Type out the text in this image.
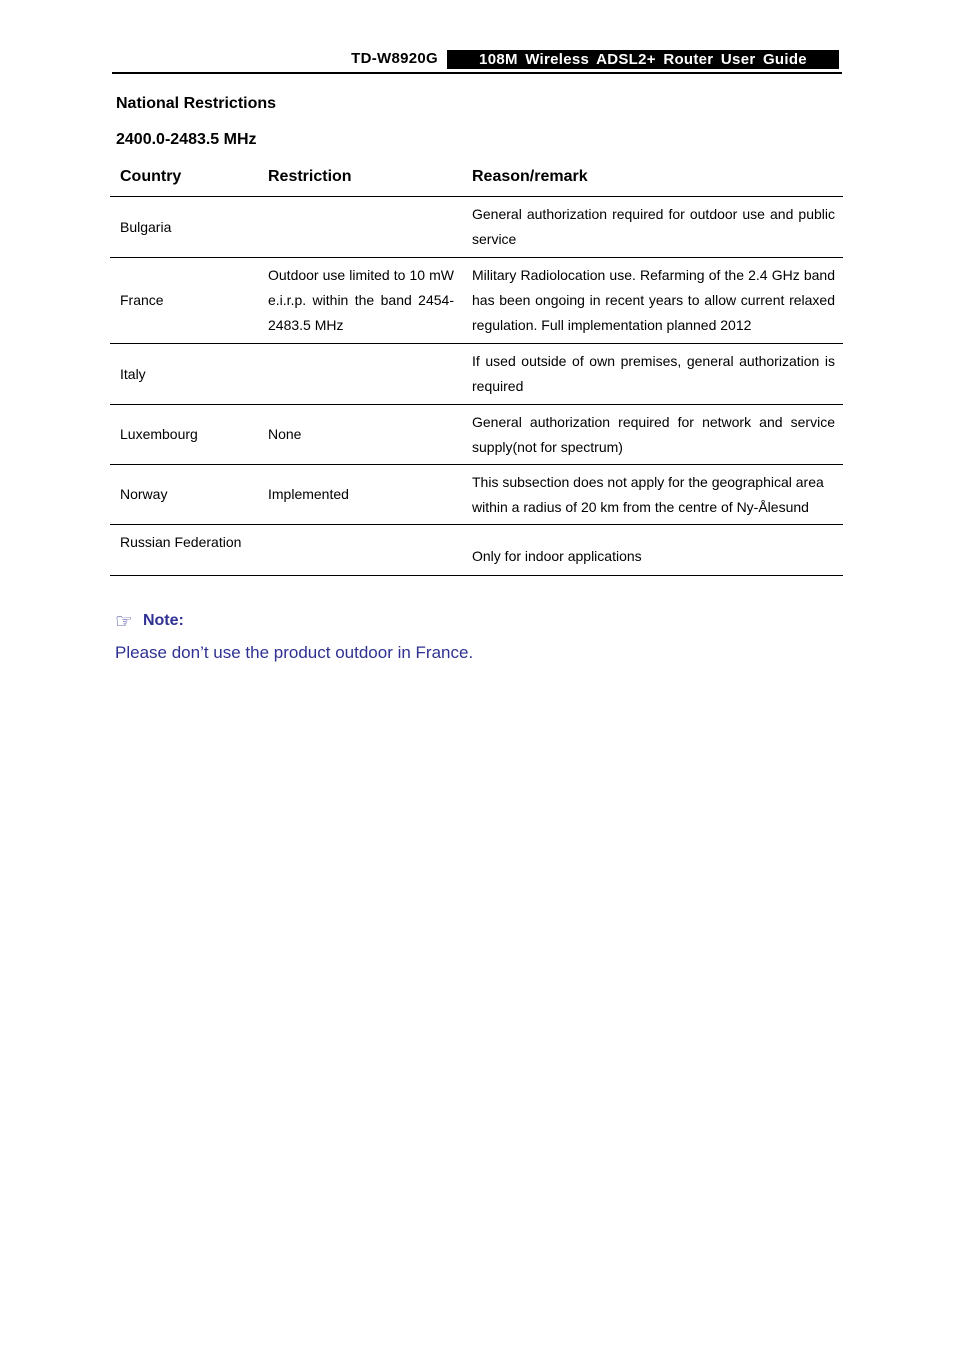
TD-W8920G	108M Wireless ADSL2+ Router User Guide
National Restrictions
2400.0-2483.5 MHz
Country	Restriction	Reason/remark
Bulgaria		General authorization required for outdoor use and public service
France	Outdoor use limited to 10 mW e.i.r.p. within the band 2454-2483.5 MHz	Military Radiolocation use. Refarming of the 2.4 GHz band has been ongoing in recent years to allow current relaxed regulation. Full implementation planned 2012
Italy		If used outside of own premises, general authorization is required
Luxembourg	None	General authorization required for network and service supply(not for spectrum)
Norway	Implemented	This subsection does not apply for the geographical area within a radius of 20 km from the centre of Ny-Ålesund
Russian Federation		Only for indoor applications
☞ Note:
Please don’t use the product outdoor in France.
